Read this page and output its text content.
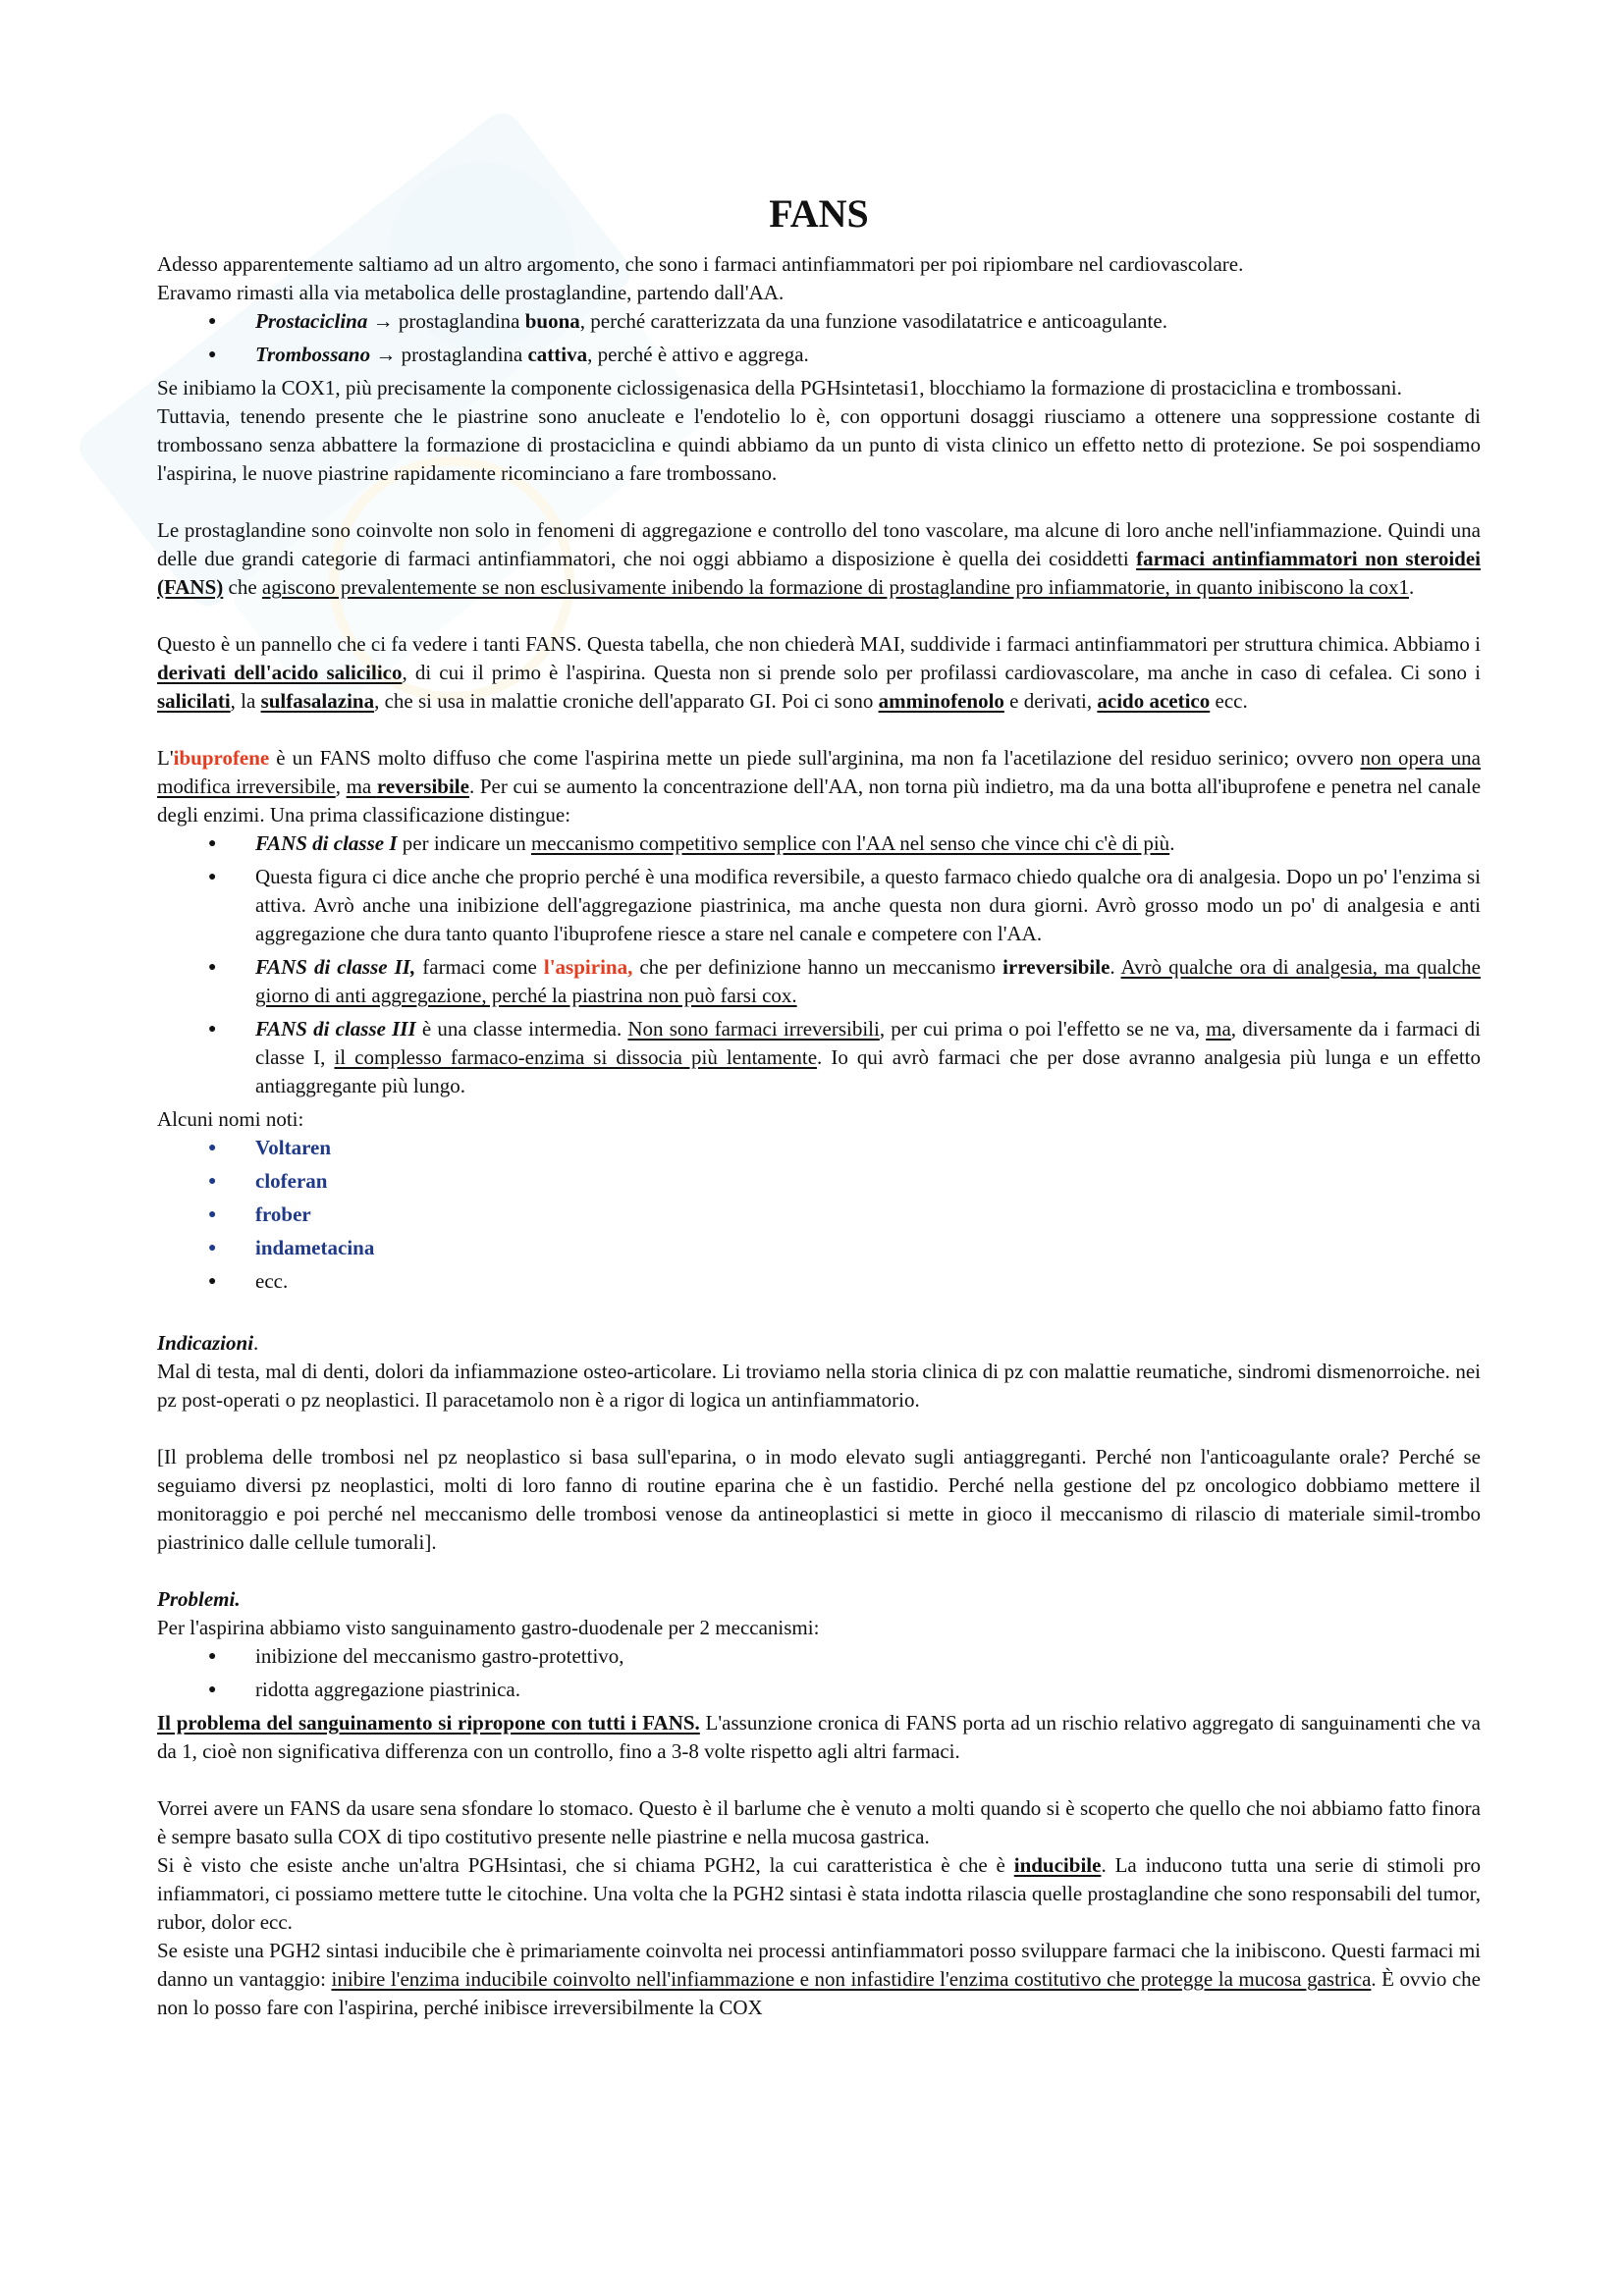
FANS

Adesso apparentemente saltiamo ad un altro argomento, che sono i farmaci antinfiammatori per poi ripiombare nel cardiovascolare.

Eravamo rimasti alla via metabolica delle prostaglandine, partendo dall'AA.

● Prostaciclina → prostaglandina buona, perché caratterizzata da una funzione vasodilatatrice e anticoagulante.
● Trombossano → prostaglandina cattiva, perché è attivo e aggrega.

Se inibiamo la COX1, più precisamente la componente ciclossigenasica della PGHsintetasi1, blocchiamo la formazione di prostaciclina e trombossani.

Tuttavia, tenendo presente che le piastrine sono anucleate e l'endotelio lo è, con opportuni dosaggi riusciamo a ottenere una soppressione costante di trombossano senza abbattere la formazione di prostaciclina e quindi abbiamo da un punto di vista clinico un effetto netto di protezione. Se poi sospendiamo l'aspirina, le nuove piastrine rapidamente ricominciano a fare trombossano.

Le prostaglandine sono coinvolte non solo in fenomeni di aggregazione e controllo del tono vascolare, ma alcune di loro anche nell'infiammazione. Quindi una delle due grandi categorie di farmaci antinfiammatori, che noi oggi abbiamo a disposizione è quella dei cosiddetti farmaci antinfiammatori non steroidei (FANS) che agiscono prevalentemente se non esclusivamente inibendo la formazione di prostaglandine pro infiammatorie, in quanto inibiscono la cox1.

Questo è un pannello che ci fa vedere i tanti FANS. Questa tabella, che non chiederà MAI, suddivide i farmaci antinfiammatori per struttura chimica. Abbiamo i derivati dell'acido salicilico, di cui il primo è l'aspirina. Questa non si prende solo per profilassi cardiovascolare, ma anche in caso di cefalea. Ci sono i salicilati, la sulfasalazina, che si usa in malattie croniche dell'apparato GI. Poi ci sono amminofenolo e derivati, acido acetico ecc.

L'ibuprofene è un FANS molto diffuso che come l'aspirina mette un piede sull'arginina, ma non fa l'acetilazione del residuo serinico; ovvero non opera una modifica irreversibile, ma reversibile. Per cui se aumento la concentrazione dell'AA, non torna più indietro, ma da una botta all'ibuprofene e penetra nel canale degli enzimi. Una prima classificazione distingue:

● FANS di classe I per indicare un meccanismo competitivo semplice con l'AA nel senso che vince chi c'è di più.
● Questa figura ci dice anche che proprio perché è una modifica reversibile, a questo farmaco chiedo qualche ora di analgesia. Dopo un po' l'enzima si attiva. Avrò anche una inibizione dell'aggregazione piastrinica, ma anche questa non dura giorni. Avrò grosso modo un po' di analgesia e anti aggregazione che dura tanto quanto l'ibuprofene riesce a stare nel canale e competere con l'AA.
● FANS di classe II, farmaci come l'aspirina, che per definizione hanno un meccanismo irreversibile. Avrò qualche ora di analgesia, ma qualche giorno di anti aggregazione, perché la piastrina non può farsi cox.
● FANS di classe III è una classe intermedia. Non sono farmaci irreversibili, per cui prima o poi l'effetto se ne va, ma, diversamente da i farmaci di classe I, il complesso farmaco-enzima si dissocia più lentamente. Io qui avrò farmaci che per dose avranno analgesia più lunga e un effetto antiaggregante più lungo.

Alcuni nomi noti:

● Voltaren
● cloferan
● frober
● indametacina
● ecc.

Indicazioni.

Mal di testa, mal di denti, dolori da infiammazione osteo-articolare. Li troviamo nella storia clinica di pz con malattie reumatiche, sindromi dismenorroiche. nei pz post-operati o pz neoplastici. Il paracetamolo non è a rigor di logica un antinfiammatorio.

[Il problema delle trombosi nel pz neoplastico si basa sull'eparina, o in modo elevato sugli antiaggreganti. Perché non l'anticoagulante orale? Perché se seguiamo diversi pz neoplastici, molti di loro fanno di routine eparina che è un fastidio. Perché nella gestione del pz oncologico dobbiamo mettere il monitoraggio e poi perché nel meccanismo delle trombosi venose da antineoplastici si mette in gioco il meccanismo di rilascio di materiale simil-trombo piastrinico dalle cellule tumorali].

Problemi.

Per l'aspirina abbiamo visto sanguinamento gastro-duodenale per 2 meccanismi:

● inibizione del meccanismo gastro-protettivo,
● ridotta aggregazione piastrinica.

Il problema del sanguinamento si ripropone con tutti i FANS. L'assunzione cronica di FANS porta ad un rischio relativo aggregato di sanguinamenti che va da 1, cioè non significativa differenza con un controllo, fino a 3-8 volte rispetto agli altri farmaci.

Vorrei avere un FANS da usare sena sfondare lo stomaco. Questo è il barlume che è venuto a molti quando si è scoperto che quello che noi abbiamo fatto finora è sempre basato sulla COX di tipo costitutivo presente nelle piastrine e nella mucosa gastrica.

Si è visto che esiste anche un'altra PGHsintasi, che si chiama PGH2, la cui caratteristica è che è inducibile. La inducono tutta una serie di stimoli pro infiammatori, ci possiamo mettere tutte le citochine. Una volta che la PGH2 sintasi è stata indotta rilascia quelle prostaglandine che sono responsabili del tumor, rubor, dolor ecc.

Se esiste una PGH2 sintasi inducibile che è primariamente coinvolta nei processi antinfiammatori posso sviluppare farmaci che la inibiscono. Questi farmaci mi danno un vantaggio: inibire l'enzima inducibile coinvolto nell'infiammazione e non infastidire l'enzima costitutivo che protegge la mucosa gastrica. È ovvio che non lo posso fare con l'aspirina, perché inibisce irreversibilmente la COX
